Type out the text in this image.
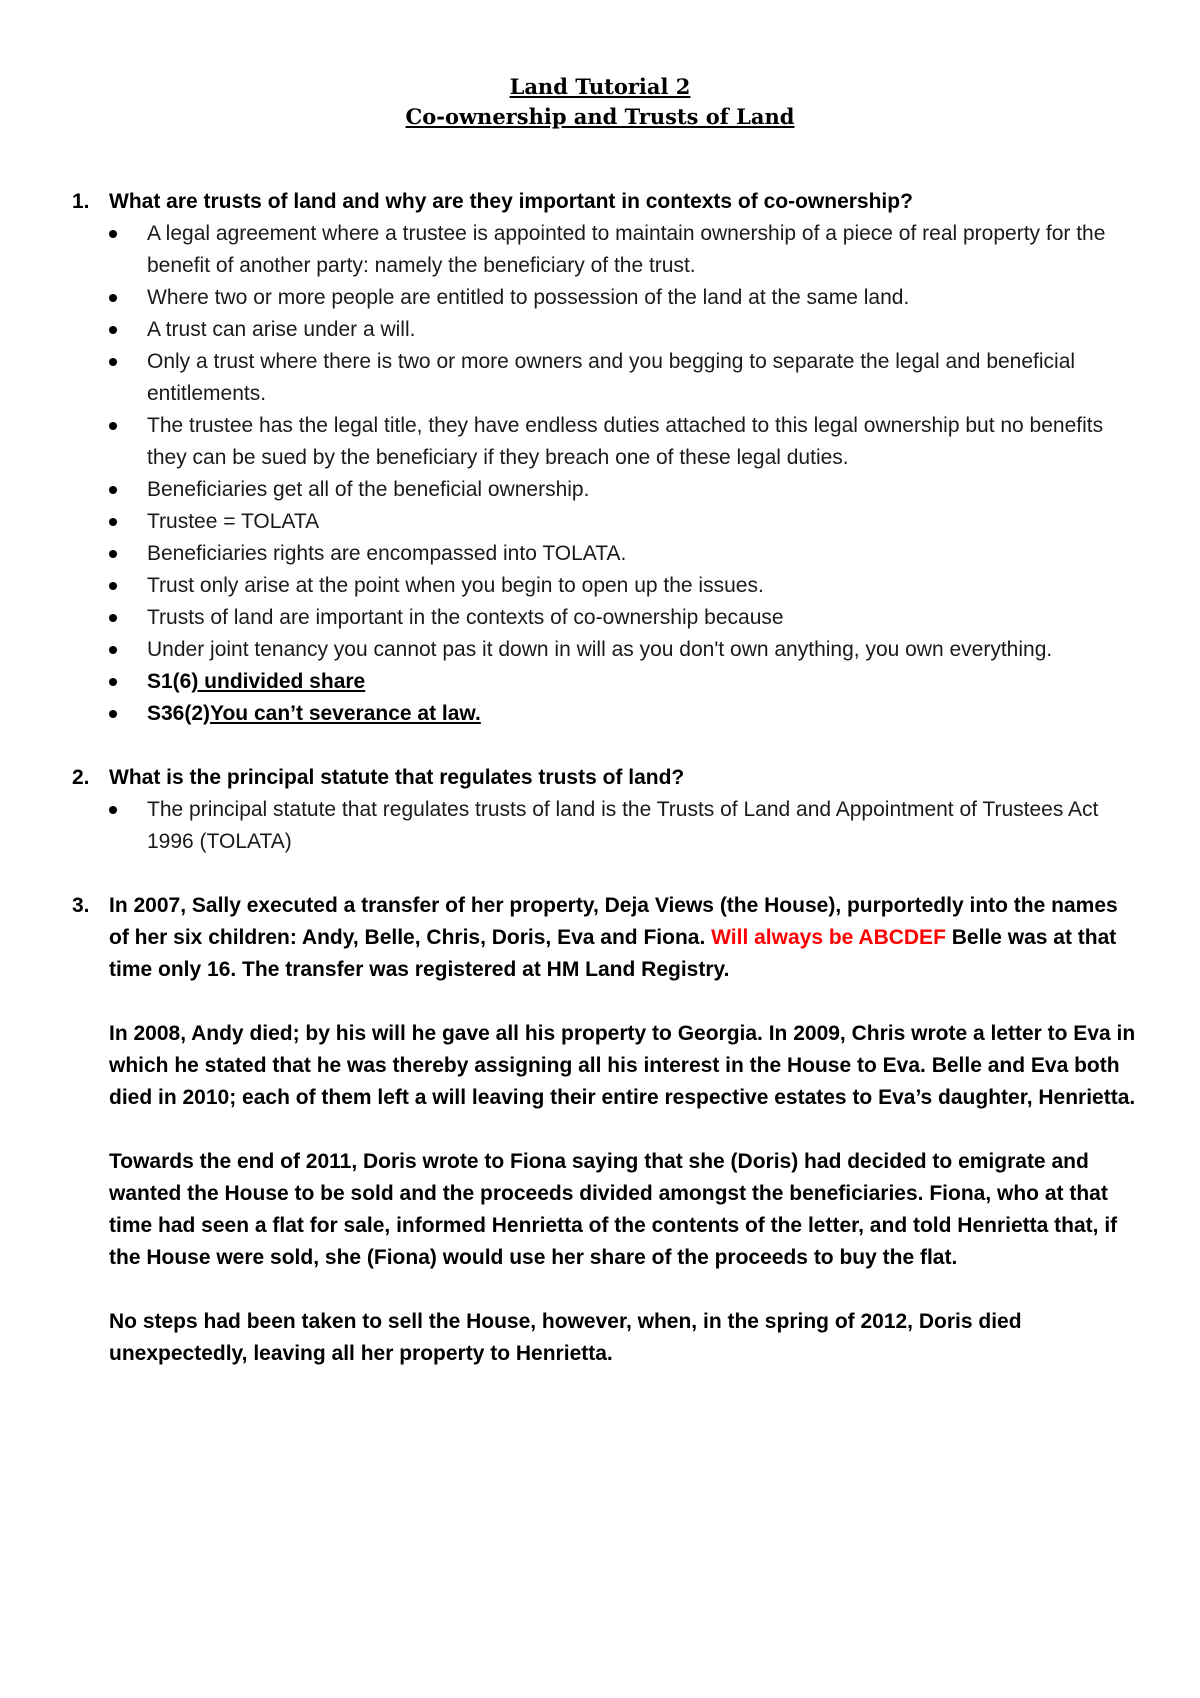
Land Tutorial 2
Co-ownership and Trusts of Land
1. What are trusts of land and why are they important in contexts of co-ownership?
A legal agreement where a trustee is appointed to maintain ownership of a piece of real property for the benefit of another party: namely the beneficiary of the trust.
Where two or more people are entitled to possession of the land at the same land.
A trust can arise under a will.
Only a trust where there is two or more owners and you begging to separate the legal and beneficial entitlements.
The trustee has the legal title, they have endless duties attached to this legal ownership but no benefits they can be sued by the beneficiary if they breach one of these legal duties.
Beneficiaries get all of the beneficial ownership.
Trustee = TOLATA
Beneficiaries rights are encompassed into TOLATA.
Trust only arise at the point when you begin to open up the issues.
Trusts of land are important in the contexts of co-ownership because
Under joint tenancy you cannot pas it down in will as you don't own anything, you own everything.
S1(6) undivided share
S36(2)You can’t severance at law.
2. What is the principal statute that regulates trusts of land?
The principal statute that regulates trusts of land is the Trusts of Land and Appointment of Trustees Act 1996 (TOLATA)
3. In 2007, Sally executed a transfer of her property, Deja Views (the House), purportedly into the names of her six children: Andy, Belle, Chris, Doris, Eva and Fiona. Will always be ABCDEF Belle was at that time only 16. The transfer was registered at HM Land Registry.
In 2008, Andy died; by his will he gave all his property to Georgia. In 2009, Chris wrote a letter to Eva in which he stated that he was thereby assigning all his interest in the House to Eva. Belle and Eva both died in 2010; each of them left a will leaving their entire respective estates to Eva’s daughter, Henrietta.
Towards the end of 2011, Doris wrote to Fiona saying that she (Doris) had decided to emigrate and wanted the House to be sold and the proceeds divided amongst the beneficiaries. Fiona, who at that time had seen a flat for sale, informed Henrietta of the contents of the letter, and told Henrietta that, if the House were sold, she (Fiona) would use her share of the proceeds to buy the flat.
No steps had been taken to sell the House, however, when, in the spring of 2012, Doris died unexpectedly, leaving all her property to Henrietta.
